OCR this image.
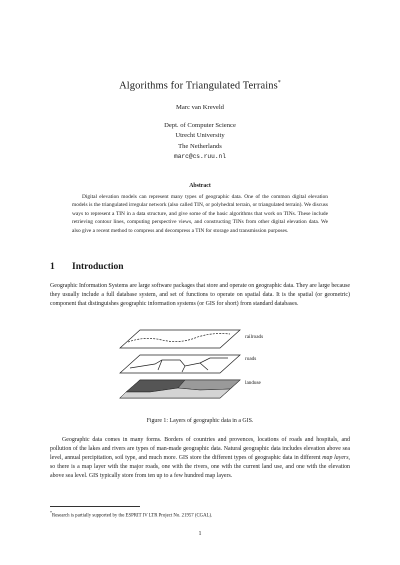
Algorithms for Triangulated Terrains*
Marc van Kreveld
Dept. of Computer Science
Utrecht University
The Netherlands
marc@cs.ruu.nl
Abstract
Digital elevation models can represent many types of geographic data. One of the common digital elevation models is the triangulated irregular network (also called TIN, or polyhedral terrain, or triangulated terrain). We discuss ways to represent a TIN in a data structure, and give some of the basic algorithms that work on TINs. These include retrieving contour lines, computing perspective views, and constructing TINs from other digital elevation data. We also give a recent method to compress and decompress a TIN for storage and transmission purposes.
1 Introduction
Geographic Information Systems are large software packages that store and operate on geographic data. They are large because they usually include a full database system, and set of functions to operate on spatial data. It is the spatial (or geometric) component that distinguishes geographic information systems (or GIS for short) from standard databases.
railroads
roads
landuse
Figure 1: Layers of geographic data in a GIS.
Geographic data comes in many forms. Borders of countries and provences, locations of roads and hospitals, and pollution of the lakes and rivers are types of man-made geographic data. Natural geographic data includes elevation above sea level, annual percipitation, soil type, and much more. GIS store the different types of geographic data in different map layers, so there is a map layer with the major roads, one with the rivers, one with the current land use, and one with the elevation above sea level. GIS typically store from ten up to a few hundred map layers.
*Research is partially supported by the ESPRIT IV LTR Project No. 21957 (CGAL).
1
